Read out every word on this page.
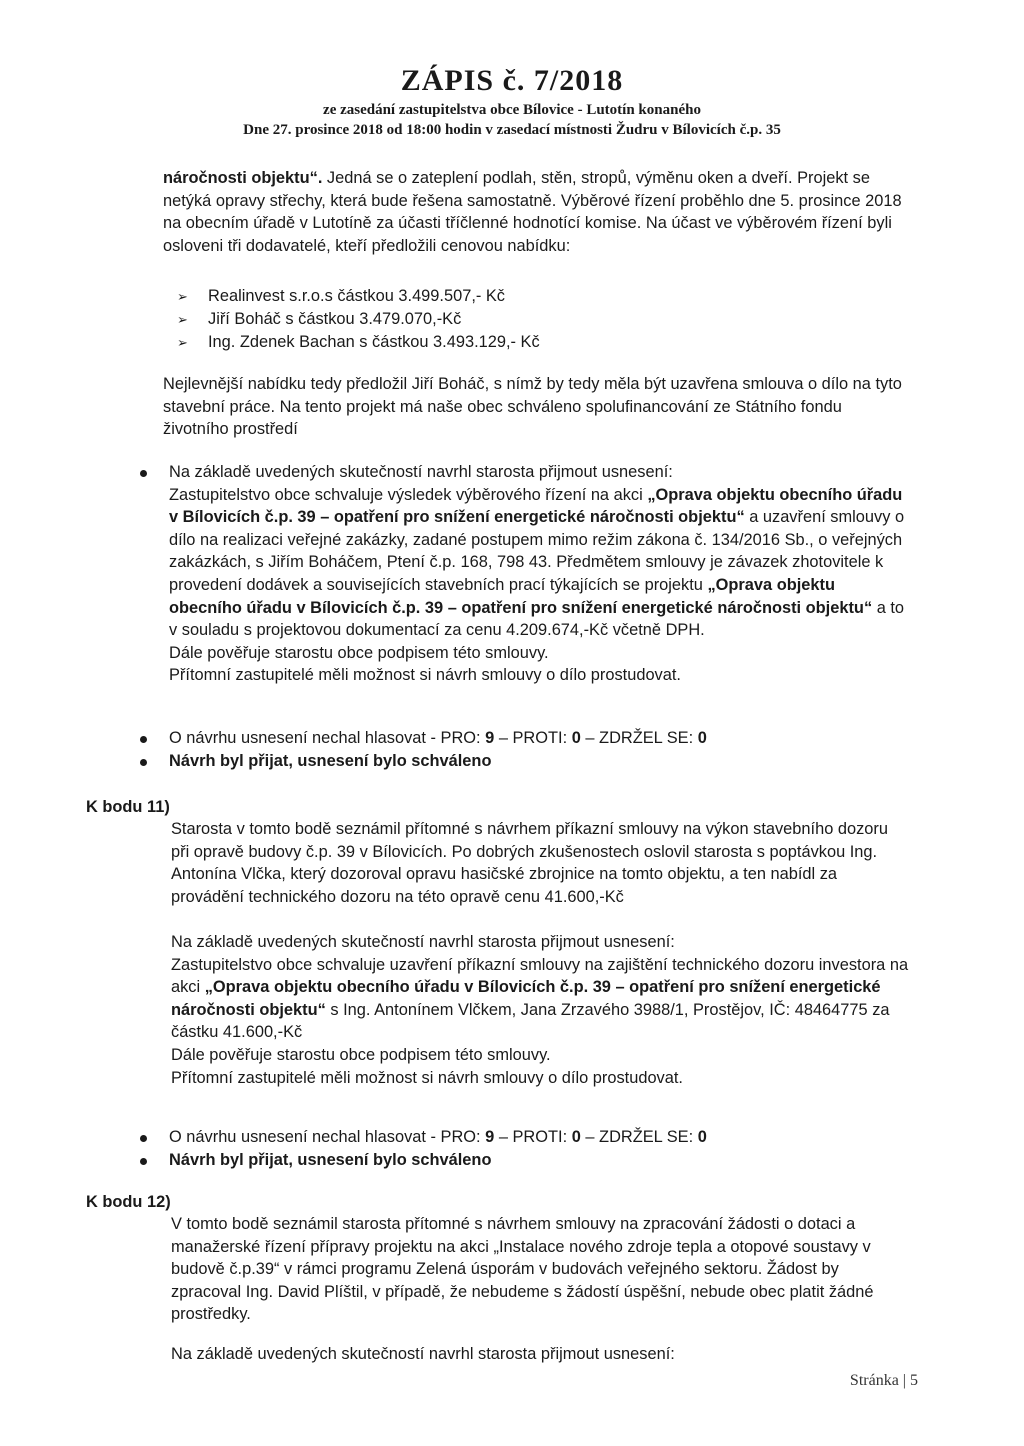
ZÁPIS č. 7/2018
ze zasedání zastupitelstva obce Bílovice - Lutotín konaného
Dne 27. prosince 2018 od 18:00 hodin v zasedací místnosti Žudru v Bílovicích č.p. 35

náročnosti objektu“. Jedná se o zateplení podlah, stěn, stropů, výměnu oken a dveří. Projekt se netýká opravy střechy, která bude řešena samostatně. Výběrové řízení proběhlo dne 5. prosince 2018 na obecním úřadě v Lutotíně za účasti tříčlenné hodnotící komise. Na účast ve výběrovém řízení byli osloveni tři dodavatelé, kteří předložili cenovou nabídku:

➢ Realinvest s.r.o.s částkou 3.499.507,- Kč
➢ Jiří Boháč s částkou 3.479.070,-Kč
➢ Ing. Zdenek Bachan s částkou 3.493.129,- Kč

Nejlevnější nabídku tedy předložil Jiří Boháč, s nímž by tedy měla být uzavřena smlouva o dílo na tyto stavební práce. Na tento projekt má naše obec schváleno spolufinancování ze Státního fondu životního prostředí

Na základě uvedených skutečností navrhl starosta přijmout usnesení:
Zastupitelstvo obce schvaluje výsledek výběrového řízení na akci „Oprava objektu obecního úřadu v Bílovicích č.p. 39 – opatření pro snížení energetické náročnosti objektu“ a uzavření smlouvy o dílo na realizaci veřejné zakázky, zadané postupem mimo režim zákona č. 134/2016 Sb., o veřejných zakázkách, s Jiřím Boháčem, Ptení č.p. 168, 798 43. Předmětem smlouvy je závazek zhotovitele k provedení dodávek a souvisejících stavebních prací týkajících se projektu „Oprava objektu obecního úřadu v Bílovicích č.p. 39 – opatření pro snížení energetické náročnosti objektu“ a to v souladu s projektovou dokumentací za cenu 4.209.674,-Kč včetně DPH.
Dále pověřuje starostu obce podpisem této smlouvy.
Přítomní zastupitelé měli možnost si návrh smlouvy o dílo prostudovat.

O návrhu usnesení nechal hlasovat - PRO: 9 – PROTI: 0 – ZDRŽEL SE: 0
Návrh byl přijat, usnesení bylo schváleno
K bodu 11)

Starosta v tomto bodě seznámil přítomné s návrhem příkazní smlouvy na výkon stavebního dozoru při opravě budovy č.p. 39 v Bílovicích. Po dobrých zkušenostech oslovil starosta s poptávkou Ing. Antonína Vlčka, který dozoroval opravu hasičské zbrojnice na tomto objektu, a ten nabídl za provádění technického dozoru na této opravě cenu 41.600,-Kč

Na základě uvedených skutečností navrhl starosta přijmout usnesení:
Zastupitelstvo obce schvaluje uzavření příkazní smlouvy na zajištění technického dozoru investora na akci „Oprava objektu obecního úřadu v Bílovicích č.p. 39 – opatření pro snížení energetické náročnosti objektu“ s Ing. Antonínem Vlčkem, Jana Zrzavého 3988/1, Prostějov, IČ: 48464775 za částku 41.600,-Kč
Dále pověřuje starostu obce podpisem této smlouvy.
Přítomní zastupitelé měli možnost si návrh smlouvy o dílo prostudovat.

O návrhu usnesení nechal hlasovat - PRO: 9 – PROTI: 0 – ZDRŽEL SE: 0
Návrh byl přijat, usnesení bylo schváleno
K bodu 12)

V tomto bodě seznámil starosta přítomné s návrhem smlouvy na zpracování žádosti o dotaci a manažerské řízení přípravy projektu na akci „Instalace nového zdroje tepla a otopové soustavy v budově č.p.39“ v rámci programu Zelená úsporám v budovách veřejného sektoru. Žádost by zpracoval Ing. David Plíštil, v případě, že nebudeme s žádostí úspěšní, nebude obec platit žádné prostředky.

Na základě uvedených skutečností navrhl starosta přijmout usnesení:

Stránka | 5
